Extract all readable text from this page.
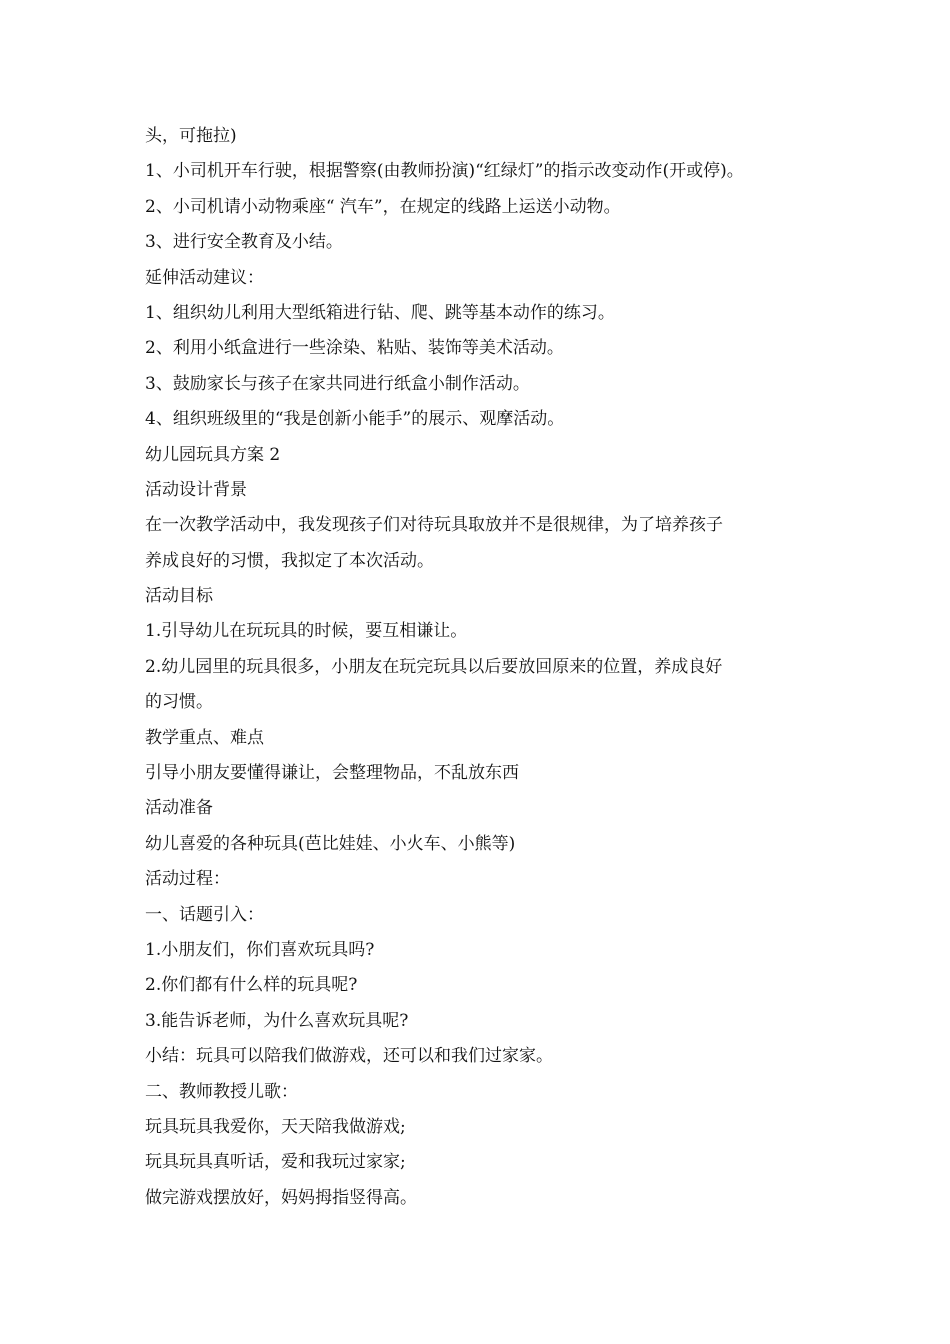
头，可拖拉)
1、小司机开车行驶，根据警察(由教师扮演)“红绿灯”的指示改变动作(开或停)。
2、小司机请小动物乘座“ 汽车”，在规定的线路上运送小动物。
3、进行安全教育及小结。
延伸活动建议：
1、组织幼儿利用大型纸箱进行钻、爬、跳等基本动作的练习。
2、利用小纸盒进行一些涂染、粘贴、装饰等美术活动。
3、鼓励家长与孩子在家共同进行纸盒小制作活动。
4、组织班级里的“我是创新小能手”的展示、观摩活动。
幼儿园玩具方案 2
活动设计背景
在一次教学活动中，我发现孩子们对待玩具取放并不是很规律，为了培养孩子
养成良好的习惯，我拟定了本次活动。
活动目标
1.引导幼儿在玩玩具的时候，要互相谦让。
2.幼儿园里的玩具很多，小朋友在玩完玩具以后要放回原来的位置，养成良好
的习惯。
教学重点、难点
引导小朋友要懂得谦让，会整理物品，不乱放东西
活动准备
幼儿喜爱的各种玩具(芭比娃娃、小火车、小熊等)
活动过程：
一、话题引入：
1.小朋友们，你们喜欢玩具吗?
2.你们都有什么样的玩具呢?
3.能告诉老师，为什么喜欢玩具呢?
小结：玩具可以陪我们做游戏，还可以和我们过家家。
二、教师教授儿歌：
玩具玩具我爱你，天天陪我做游戏;
玩具玩具真听话，爱和我玩过家家;
做完游戏摆放好，妈妈拇指竖得高。
